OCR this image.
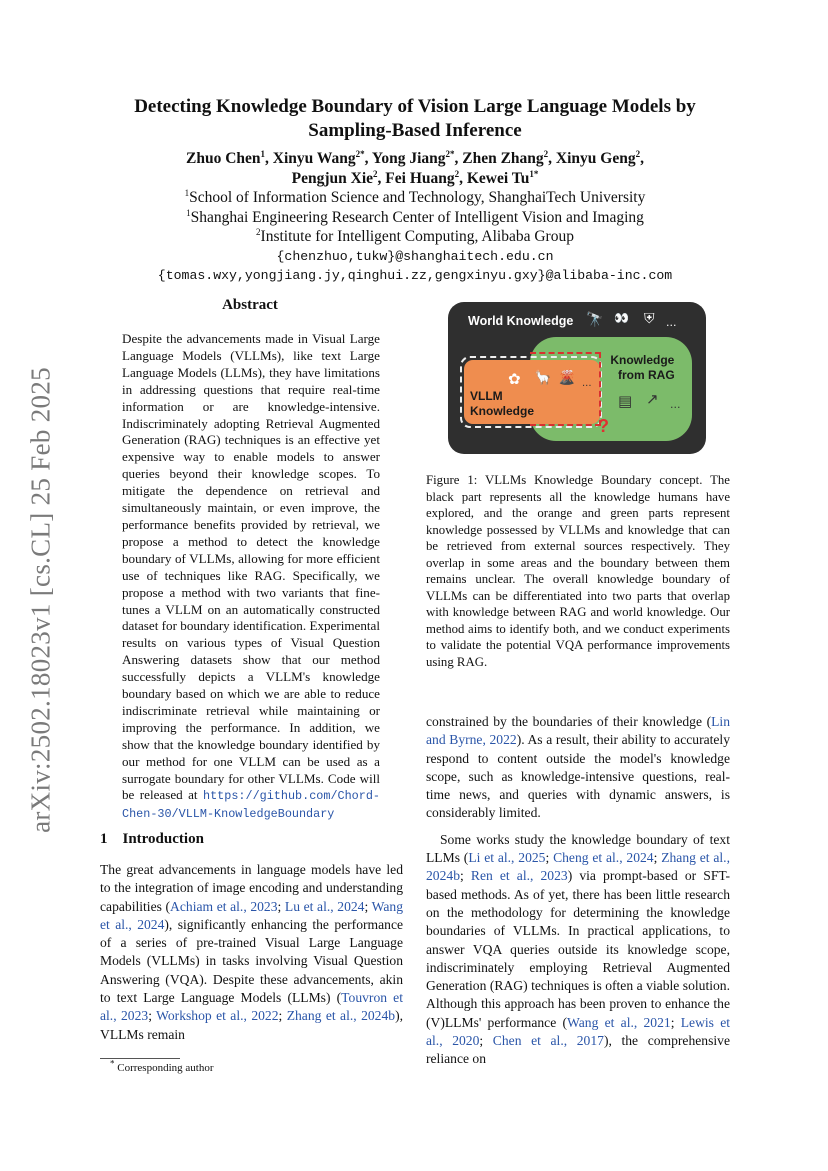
arXiv:2502.18023v1 [cs.CL] 25 Feb 2025
Detecting Knowledge Boundary of Vision Large Language Models by
Sampling-Based Inference
Zhuo Chen$^1$, Xinyu Wang$^{2*}$, Yong Jiang$^{2*}$, Zhen Zhang$^2$, Xinyu Geng$^2$,
Pengjun Xie$^2$, Fei Huang$^2$, Kewei $Tu^{1*}$
$^1$School of Information Science and Technology, ShanghaiTech University
$^1$Shanghai Engineering Research Center of Intelligent Vision and Imaging
$^2$Institute for Intelligent Computing, Alibaba Group
{chenzhuo,tukw}@shanghaitech.edu.cn
{tomas.wxy,yongjiang.jy,qinghui.zz,gengxinyu.gxy}@alibaba-inc.com
Abstract
Despite the advancements made in Visual Large Language Models (VLLMs), like text Large Language Models (LLMs), they have limitations in addressing questions that require real-time information or are knowledge-intensive. Indiscriminately adopting Retrieval Augmented Generation (RAG) techniques is an effective yet expensive way to enable models to answer queries beyond their knowledge scopes. To mitigate the dependence on retrieval and simultaneously maintain, or even improve, the performance benefits provided by retrieval, we propose a method to detect the knowledge boundary of VLLMs, allowing for more efficient use of techniques like RAG. Specifically, we propose a method with two variants that fine-tunes a VLLM on an automatically constructed dataset for boundary identification. Experimental results on various types of Visual Question Answering datasets show that our method successfully depicts a VLLM's knowledge boundary based on which we are able to reduce indiscriminate retrieval while maintaining or improving the performance. In addition, we show that the knowledge boundary identified by our method for one VLLM can be used as a surrogate boundary for other VLLMs. Code will be released at https://github.com/Chord-Chen-30/VLLM-KnowledgeBoundary
1    Introduction
The great advancements in language models have led to the integration of image encoding and understanding capabilities (Achiam et al., 2023; Lu et al., 2024; Wang et al., 2024), significantly enhancing the performance of a series of pre-trained Visual Large Language Models (VLLMs) in tasks involving Visual Question Answering (VQA). Despite these advancements, akin to text Large Language Models (LLMs) (Touvron et al., 2023; Workshop et al., 2022; Zhang et al., 2024b), VLLMs remain
* Corresponding author
World Knowledge 🔭 👀 ⛨ ...
Knowledge
from RAG
▤ ↗ ...
VLLM
Knowledge
✿ 🦙 🌋 ...
?
Figure 1: VLLMs Knowledge Boundary concept. The black part represents all the knowledge humans have explored, and the orange and green parts represent knowledge possessed by VLLMs and knowledge that can be retrieved from external sources respectively. They overlap in some areas and the boundary between them remains unclear. The overall knowledge boundary of VLLMs can be differentiated into two parts that overlap with knowledge between RAG and world knowledge. Our method aims to identify both, and we conduct experiments to validate the potential VQA performance improvements using RAG.

constrained by the boundaries of their knowledge (Lin and Byrne, 2022). As a result, their ability to accurately respond to content outside the model's knowledge scope, such as knowledge-intensive questions, real-time news, and queries with dynamic answers, is considerably limited.

Some works study the knowledge boundary of text LLMs (Li et al., 2025; Cheng et al., 2024; Zhang et al., 2024b; Ren et al., 2023) via prompt-based or SFT-based methods. As of yet, there has been little research on the methodology for determining the knowledge boundaries of VLLMs. In practical applications, to answer VQA queries outside its knowledge scope, indiscriminately employing Retrieval Augmented Generation (RAG) techniques is often a viable solution. Although this approach has been proven to enhance the (V)LLMs' performance (Wang et al., 2021; Lewis et al., 2020; Chen et al., 2017), the comprehensive reliance on
